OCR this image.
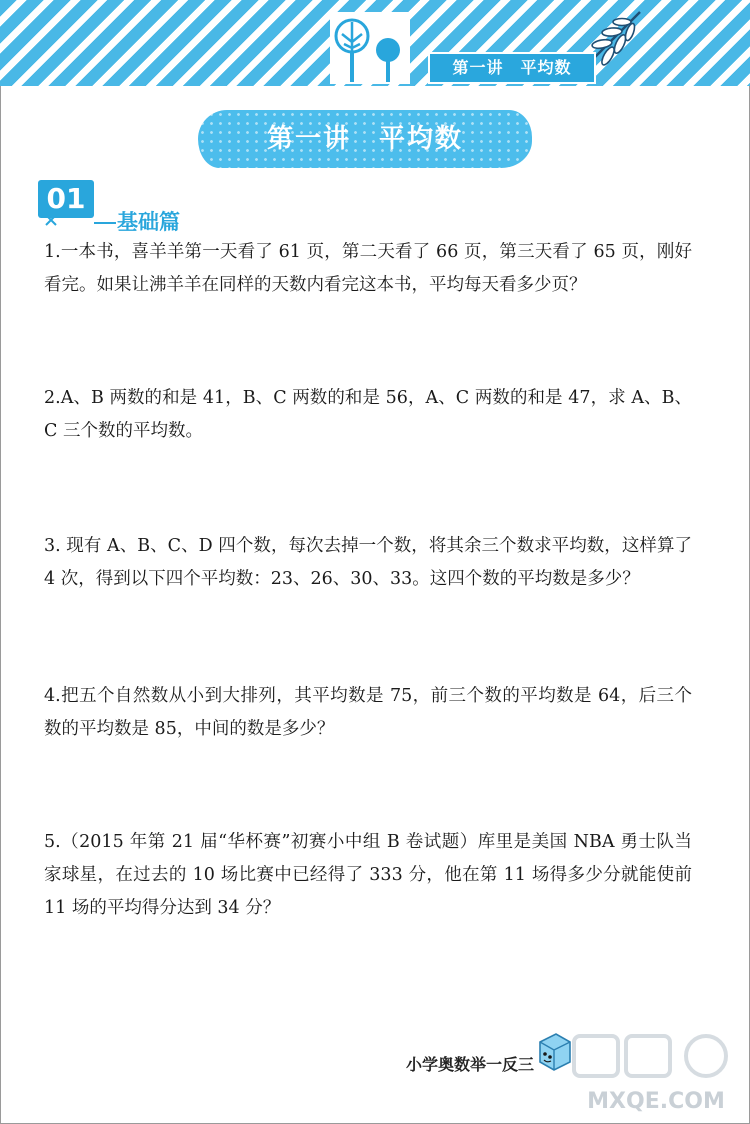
第一讲　平均数
第一讲　平均数
01
基础篇
1.一本书，喜羊羊第一天看了 61 页，第二天看了 66 页，第三天看了 65 页，刚好看完。如果让沸羊羊在同样的天数内看完这本书，平均每天看多少页？
2.A、B 两数的和是 41，B、C 两数的和是 56，A、C 两数的和是 47，求 A、B、C 三个数的平均数。
3. 现有 A、B、C、D 四个数，每次去掉一个数，将其余三个数求平均数，这样算了 4 次，得到以下四个平均数：23、26、30、33。这四个数的平均数是多少？
4.把五个自然数从小到大排列，其平均数是 75，前三个数的平均数是 64，后三个数的平均数是 85，中间的数是多少？
5.（2015 年第 21 届“华杯赛”初赛小中组 B 卷试题）库里是美国 NBA 勇士队当家球星，在过去的 10 场比赛中已经得了 333 分，他在第 11 场得多少分就能使前 11 场的平均得分达到 34 分？
小学奥数举一反三
MXQE.COM
